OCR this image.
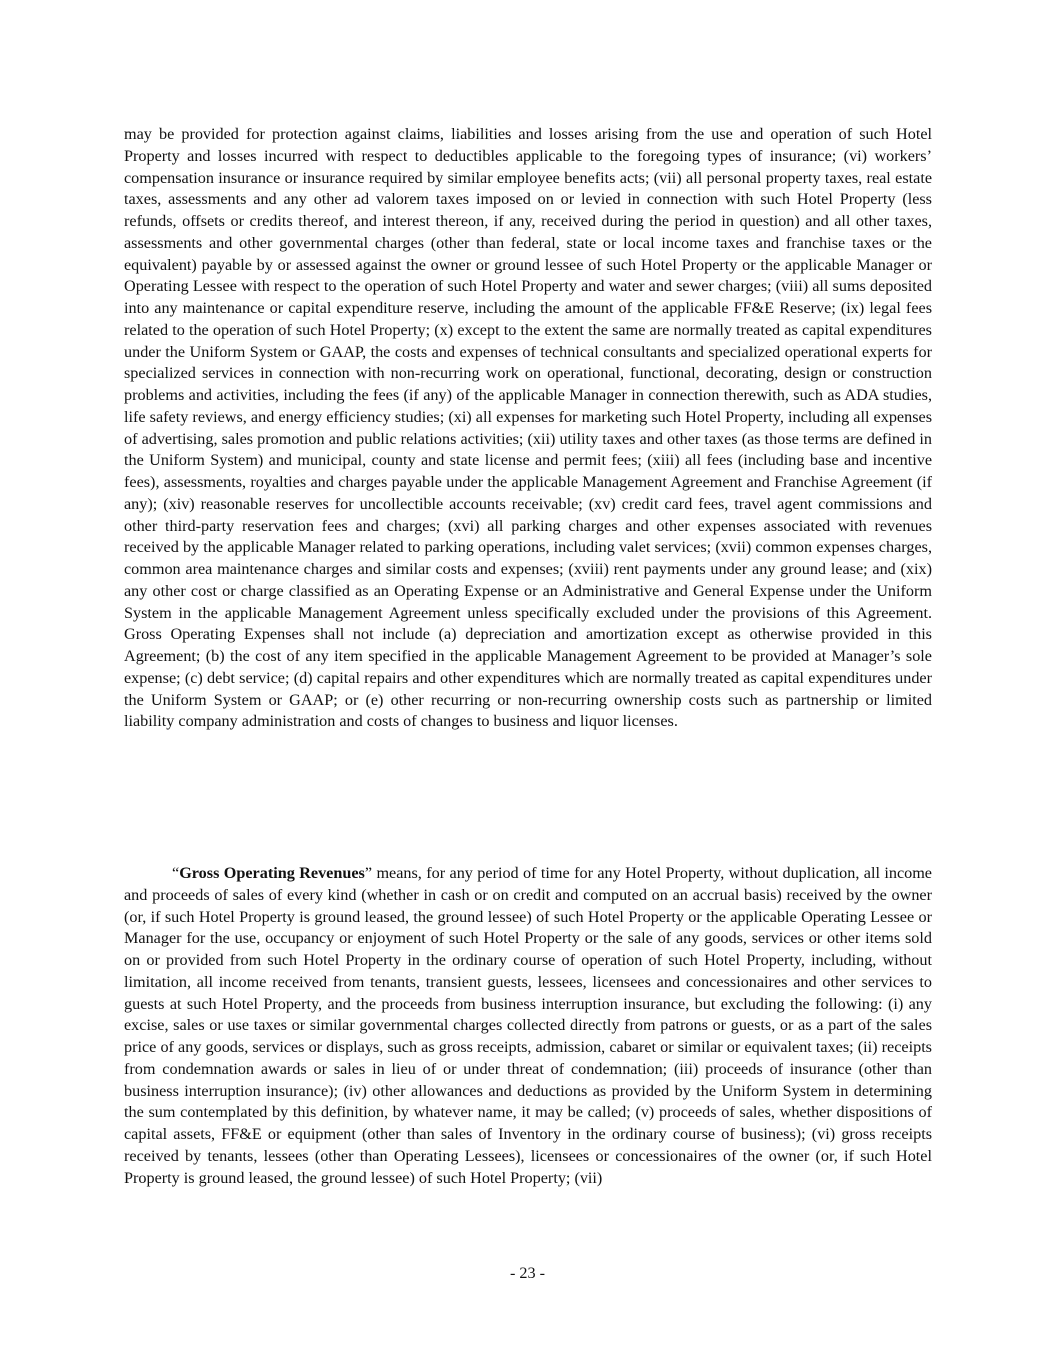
may be provided for protection against claims, liabilities and losses arising from the use and operation of such Hotel Property and losses incurred with respect to deductibles applicable to the foregoing types of insurance; (vi) workers’ compensation insurance or insurance required by similar employee benefits acts; (vii) all personal property taxes, real estate taxes, assessments and any other ad valorem taxes imposed on or levied in connection with such Hotel Property (less refunds, offsets or credits thereof, and interest thereon, if any, received during the period in question) and all other taxes, assessments and other governmental charges (other than federal, state or local income taxes and franchise taxes or the equivalent) payable by or assessed against the owner or ground lessee of such Hotel Property or the applicable Manager or Operating Lessee with respect to the operation of such Hotel Property and water and sewer charges; (viii) all sums deposited into any maintenance or capital expenditure reserve, including the amount of the applicable FF&E Reserve; (ix) legal fees related to the operation of such Hotel Property; (x) except to the extent the same are normally treated as capital expenditures under the Uniform System or GAAP, the costs and expenses of technical consultants and specialized operational experts for specialized services in connection with non-recurring work on operational, functional, decorating, design or construction problems and activities, including the fees (if any) of the applicable Manager in connection therewith, such as ADA studies, life safety reviews, and energy efficiency studies; (xi) all expenses for marketing such Hotel Property, including all expenses of advertising, sales promotion and public relations activities; (xii) utility taxes and other taxes (as those terms are defined in the Uniform System) and municipal, county and state license and permit fees; (xiii) all fees (including base and incentive fees), assessments, royalties and charges payable under the applicable Management Agreement and Franchise Agreement (if any); (xiv) reasonable reserves for uncollectible accounts receivable; (xv) credit card fees, travel agent commissions and other third-party reservation fees and charges; (xvi) all parking charges and other expenses associated with revenues received by the applicable Manager related to parking operations, including valet services; (xvii) common expenses charges, common area maintenance charges and similar costs and expenses; (xviii) rent payments under any ground lease; and (xix) any other cost or charge classified as an Operating Expense or an Administrative and General Expense under the Uniform System in the applicable Management Agreement unless specifically excluded under the provisions of this Agreement. Gross Operating Expenses shall not include (a) depreciation and amortization except as otherwise provided in this Agreement; (b) the cost of any item specified in the applicable Management Agreement to be provided at Manager’s sole expense; (c) debt service; (d) capital repairs and other expenditures which are normally treated as capital expenditures under the Uniform System or GAAP; or (e) other recurring or non-recurring ownership costs such as partnership or limited liability company administration and costs of changes to business and liquor licenses.

“Gross Operating Revenues” means, for any period of time for any Hotel Property, without duplication, all income and proceeds of sales of every kind (whether in cash or on credit and computed on an accrual basis) received by the owner (or, if such Hotel Property is ground leased, the ground lessee) of such Hotel Property or the applicable Operating Lessee or Manager for the use, occupancy or enjoyment of such Hotel Property or the sale of any goods, services or other items sold on or provided from such Hotel Property in the ordinary course of operation of such Hotel Property, including, without limitation, all income received from tenants, transient guests, lessees, licensees and concessionaires and other services to guests at such Hotel Property, and the proceeds from business interruption insurance, but excluding the following: (i) any excise, sales or use taxes or similar governmental charges collected directly from patrons or guests, or as a part of the sales price of any goods, services or displays, such as gross receipts, admission, cabaret or similar or equivalent taxes; (ii) receipts from condemnation awards or sales in lieu of or under threat of condemnation; (iii) proceeds of insurance (other than business interruption insurance); (iv) other allowances and deductions as provided by the Uniform System in determining the sum contemplated by this definition, by whatever name, it may be called; (v) proceeds of sales, whether dispositions of capital assets, FF&E or equipment (other than sales of Inventory in the ordinary course of business); (vi) gross receipts received by tenants, lessees (other than Operating Lessees), licensees or concessionaires of the owner (or, if such Hotel Property is ground leased, the ground lessee) of such Hotel Property; (vii)

- 23 -
